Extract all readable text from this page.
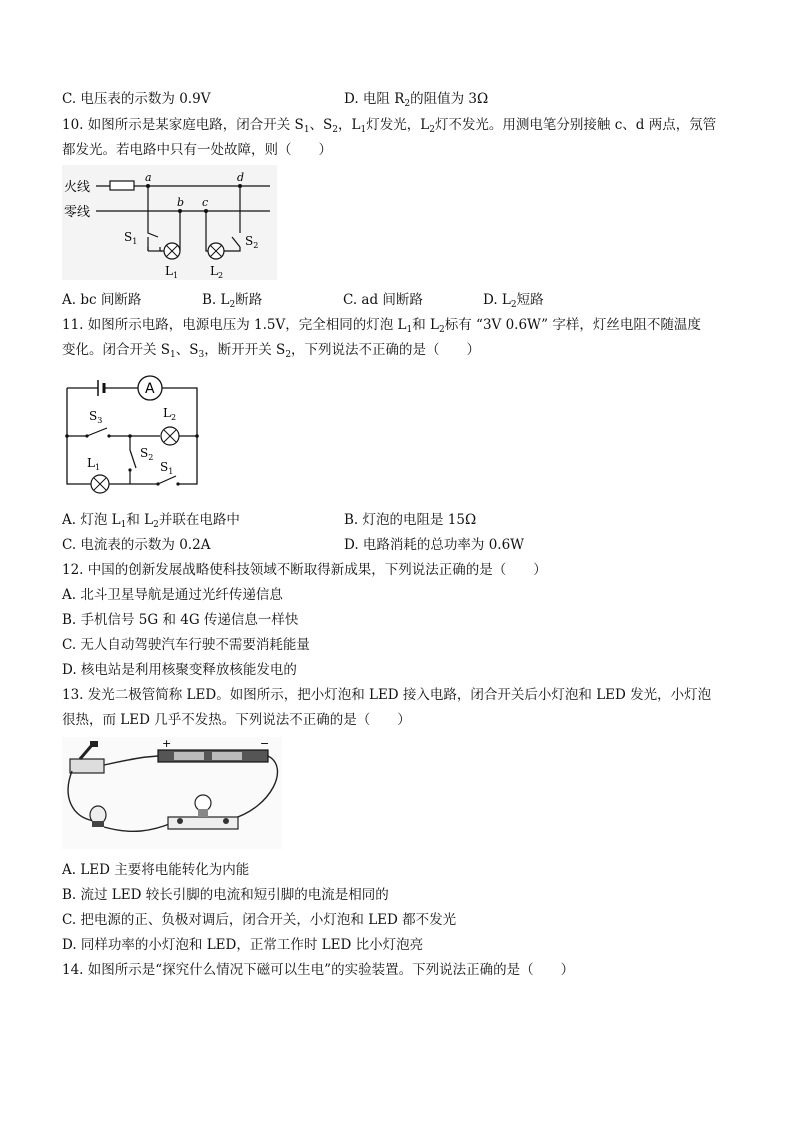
C. 电压表的示数为 0.9V	D. 电阻 $R_2$的阻值为 3Ω
10. 如图所示是某家庭电路，闭合开关 $S_1$、$S_2$，$L_1$灯发光，$L_2$灯不发光。用测电笔分别接触 c、d 两点，氖管
都发光。若电路中只有一处故障，则（　　）
火线
零线
a
b c
d
$S_1$
$L_1$
$S_2$
$L_2$
A. bc 间断路	B. $L_2$断路	C. ad 间断路	D. $L_2$短路
11. 如图所示电路，电源电压为 1.5V，完全相同的灯泡 $L_1$和 $L_2$标有 “3V 0.6W” 字样，灯丝电阻不随温度
变化。闭合开关 $S_1$、$S_3$，断开开关 $S_2$，下列说法不正确的是（　　）
A
$S_3$
$L_2$
$S_2$
$L_1$	$S_1$
A. 灯泡 $L_1$和 $L_2$并联在电路中	B. 灯泡的电阻是 15Ω
C. 电流表的示数为 0.2A	D. 电路消耗的总功率为 0.6W
12. 中国的创新发展战略使科技领域不断取得新成果，下列说法正确的是（　　）
A. 北斗卫星导航是通过光纤传递信息
B. 手机信号 5G 和 4G 传递信息一样快
C. 无人自动驾驶汽车行驶不需要消耗能量
D. 核电站是利用核聚变释放核能发电的
13. 发光二极管简称 LED。如图所示，把小灯泡和 LED 接入电路，闭合开关后小灯泡和 LED 发光，小灯泡
很热，而 LED 几乎不发热。下列说法不正确的是（　　）
+	−
A. LED 主要将电能转化为内能
B. 流过 LED 较长引脚的电流和短引脚的电流是相同的
C. 把电源的正、负极对调后，闭合开关，小灯泡和 LED 都不发光
D. 同样功率的小灯泡和 LED，正常工作时 LED 比小灯泡亮
14. 如图所示是“探究什么情况下磁可以生电”的实验装置。下列说法正确的是（　　）
